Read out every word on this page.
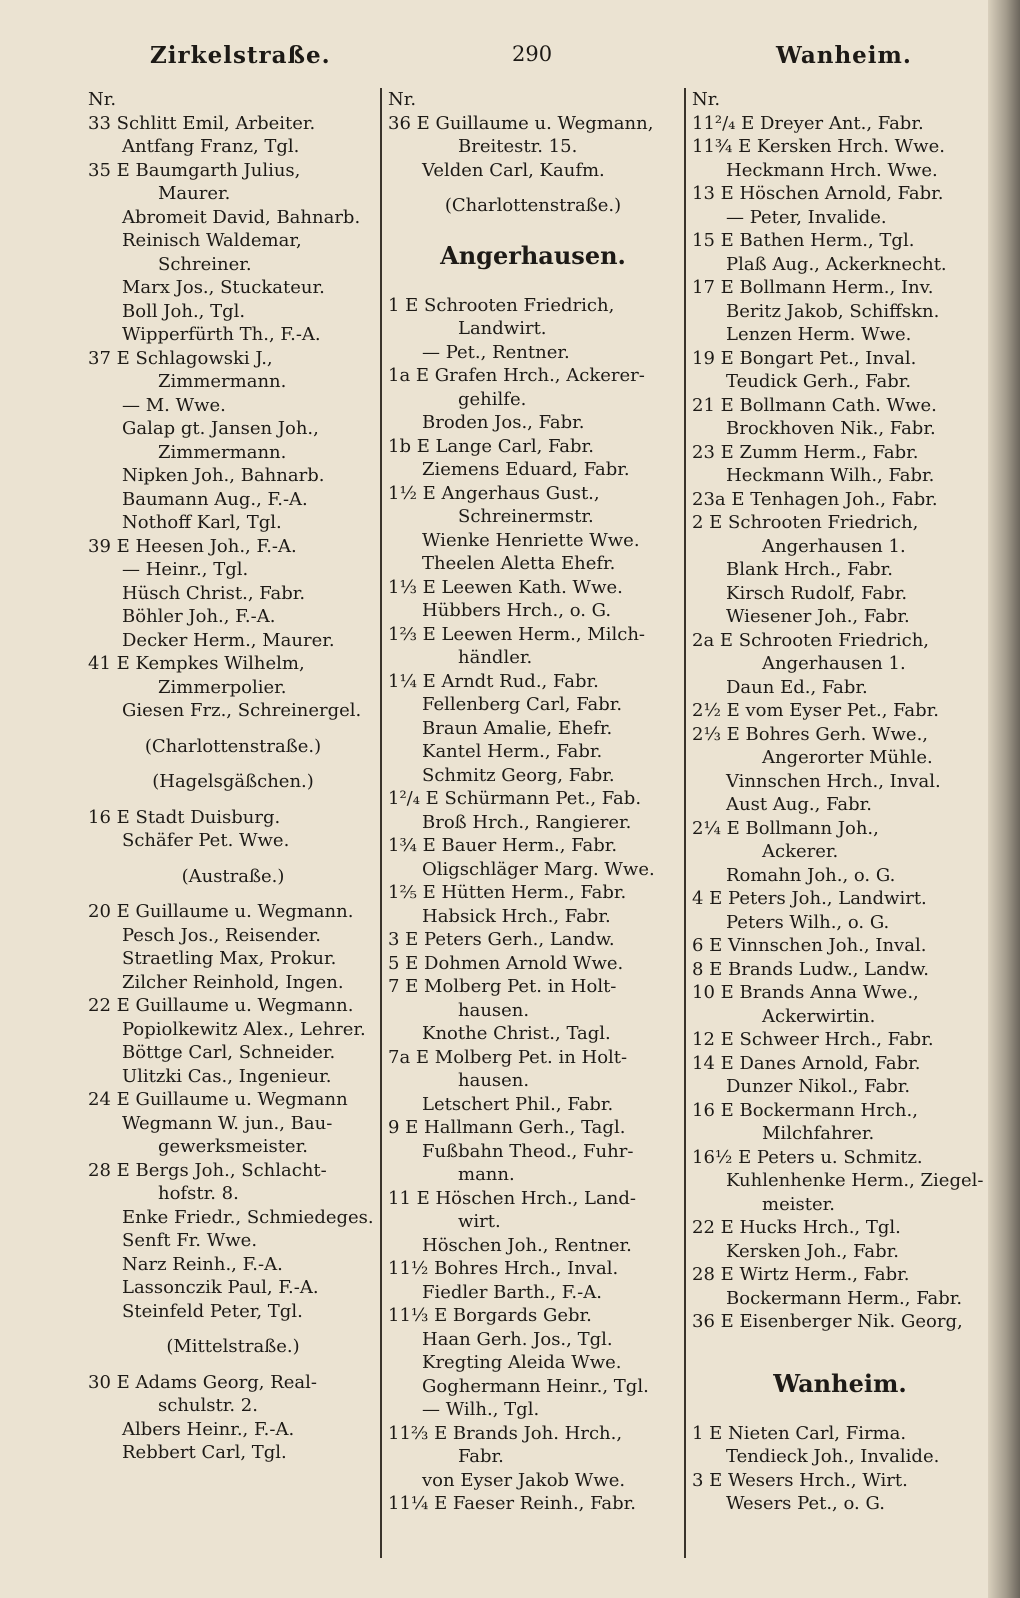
Zirkelstraße.	290	Wanheim.
Nr.
33 Schlitt Emil, Arbeiter.
Antfang Franz, Tgl.
35 E Baumgarth Julius,
Maurer.
Abromeit David, Bahnarb.
Reinisch Waldemar,
Schreiner.
Marx Jos., Stuckateur.
Boll Joh., Tgl.
Wipperfürth Th., F.-A.
37 E Schlagowski J.,
Zimmermann.
— M. Wwe.
Galap gt. Jansen Joh.,
Zimmermann.
Nipken Joh., Bahnarb.
Baumann Aug., F.-A.
Nothoff Karl, Tgl.
39 E Heesen Joh., F.-A.
— Heinr., Tgl.
Hüsch Christ., Fabr.
Böhler Joh., F.-A.
Decker Herm., Maurer.
41 E Kempkes Wilhelm,
Zimmerpolier.
Giesen Frz., Schreinergel.
(Charlottenstraße.)
(Hagelsgäßchen.)
16 E Stadt Duisburg.
Schäfer Pet. Wwe.
(Austraße.)
20 E Guillaume u. Wegmann.
Pesch Jos., Reisender.
Straetling Max, Prokur.
Zilcher Reinhold, Ingen.
22 E Guillaume u. Wegmann.
Popiolkewitz Alex., Lehrer.
Böttge Carl, Schneider.
Ulitzki Cas., Ingenieur.
24 E Guillaume u. Wegmann
Wegmann W. jun., Bau-
gewerksmeister.
28 E Bergs Joh., Schlacht-
hofstr. 8.
Enke Friedr., Schmiedeges.
Senft Fr. Wwe.
Narz Reinh., F.-A.
Lassonczik Paul, F.-A.
Steinfeld Peter, Tgl.
(Mittelstraße.)
30 E Adams Georg, Real-
schulstr. 2.
Albers Heinr., F.-A.
Rebbert Carl, Tgl.
Nr.
36 E Guillaume u. Wegmann,
Breitestr. 15.
Velden Carl, Kaufm.
(Charlottenstraße.)
Angerhausen.
1 E Schrooten Friedrich,
Landwirt.
— Pet., Rentner.
1a E Grafen Hrch., Ackerer-
gehilfe.
Broden Jos., Fabr.
1b E Lange Carl, Fabr.
Ziemens Eduard, Fabr.
1½ E Angerhaus Gust.,
Schreinermstr.
Wienke Henriette Wwe.
Theelen Aletta Ehefr.
1⅓ E Leewen Kath. Wwe.
Hübbers Hrch., o. G.
1⅔ E Leewen Herm., Milch-
händler.
1¼ E Arndt Rud., Fabr.
Fellenberg Carl, Fabr.
Braun Amalie, Ehefr.
Kantel Herm., Fabr.
Schmitz Georg, Fabr.
1²/₄ E Schürmann Pet., Fab.
Broß Hrch., Rangierer.
1¾ E Bauer Herm., Fabr.
Oligschläger Marg. Wwe.
1⅖ E Hütten Herm., Fabr.
Habsick Hrch., Fabr.
3 E Peters Gerh., Landw.
5 E Dohmen Arnold Wwe.
7 E Molberg Pet. in Holt-
hausen.
Knothe Christ., Tagl.
7a E Molberg Pet. in Holt-
hausen.
Letschert Phil., Fabr.
9 E Hallmann Gerh., Tagl.
Fußbahn Theod., Fuhr-
mann.
11 E Höschen Hrch., Land-
wirt.
Höschen Joh., Rentner.
11½ Bohres Hrch., Inval.
Fiedler Barth., F.-A.
11⅓ E Borgards Gebr.
Haan Gerh. Jos., Tgl.
Kregting Aleida Wwe.
Goghermann Heinr., Tgl.
— Wilh., Tgl.
11⅔ E Brands Joh. Hrch.,
Fabr.
von Eyser Jakob Wwe.
11¼ E Faeser Reinh., Fabr.
Nr.
11²/₄ E Dreyer Ant., Fabr.
11¾ E Kersken Hrch. Wwe.
Heckmann Hrch. Wwe.
13 E Höschen Arnold, Fabr.
— Peter, Invalide.
15 E Bathen Herm., Tgl.
Plaß Aug., Ackerknecht.
17 E Bollmann Herm., Inv.
Beritz Jakob, Schiffskn.
Lenzen Herm. Wwe.
19 E Bongart Pet., Inval.
Teudick Gerh., Fabr.
21 E Bollmann Cath. Wwe.
Brockhoven Nik., Fabr.
23 E Zumm Herm., Fabr.
Heckmann Wilh., Fabr.
23a E Tenhagen Joh., Fabr.
2 E Schrooten Friedrich,
Angerhausen 1.
Blank Hrch., Fabr.
Kirsch Rudolf, Fabr.
Wiesener Joh., Fabr.
2a E Schrooten Friedrich,
Angerhausen 1.
Daun Ed., Fabr.
2½ E vom Eyser Pet., Fabr.
2⅓ E Bohres Gerh. Wwe.,
Angerorter Mühle.
Vinnschen Hrch., Inval.
Aust Aug., Fabr.
2¼ E Bollmann Joh.,
Ackerer.
Romahn Joh., o. G.
4 E Peters Joh., Landwirt.
Peters Wilh., o. G.
6 E Vinnschen Joh., Inval.
8 E Brands Ludw., Landw.
10 E Brands Anna Wwe.,
Ackerwirtin.
12 E Schweer Hrch., Fabr.
14 E Danes Arnold, Fabr.
Dunzer Nikol., Fabr.
16 E Bockermann Hrch.,
Milchfahrer.
16½ E Peters u. Schmitz.
Kuhlenhenke Herm., Ziegel-
meister.
22 E Hucks Hrch., Tgl.
Kersken Joh., Fabr.
28 E Wirtz Herm., Fabr.
Bockermann Herm., Fabr.
36 E Eisenberger Nik. Georg,
Wanheim.
1 E Nieten Carl, Firma.
Tendieck Joh., Invalide.
3 E Wesers Hrch., Wirt.
Wesers Pet., o. G.
